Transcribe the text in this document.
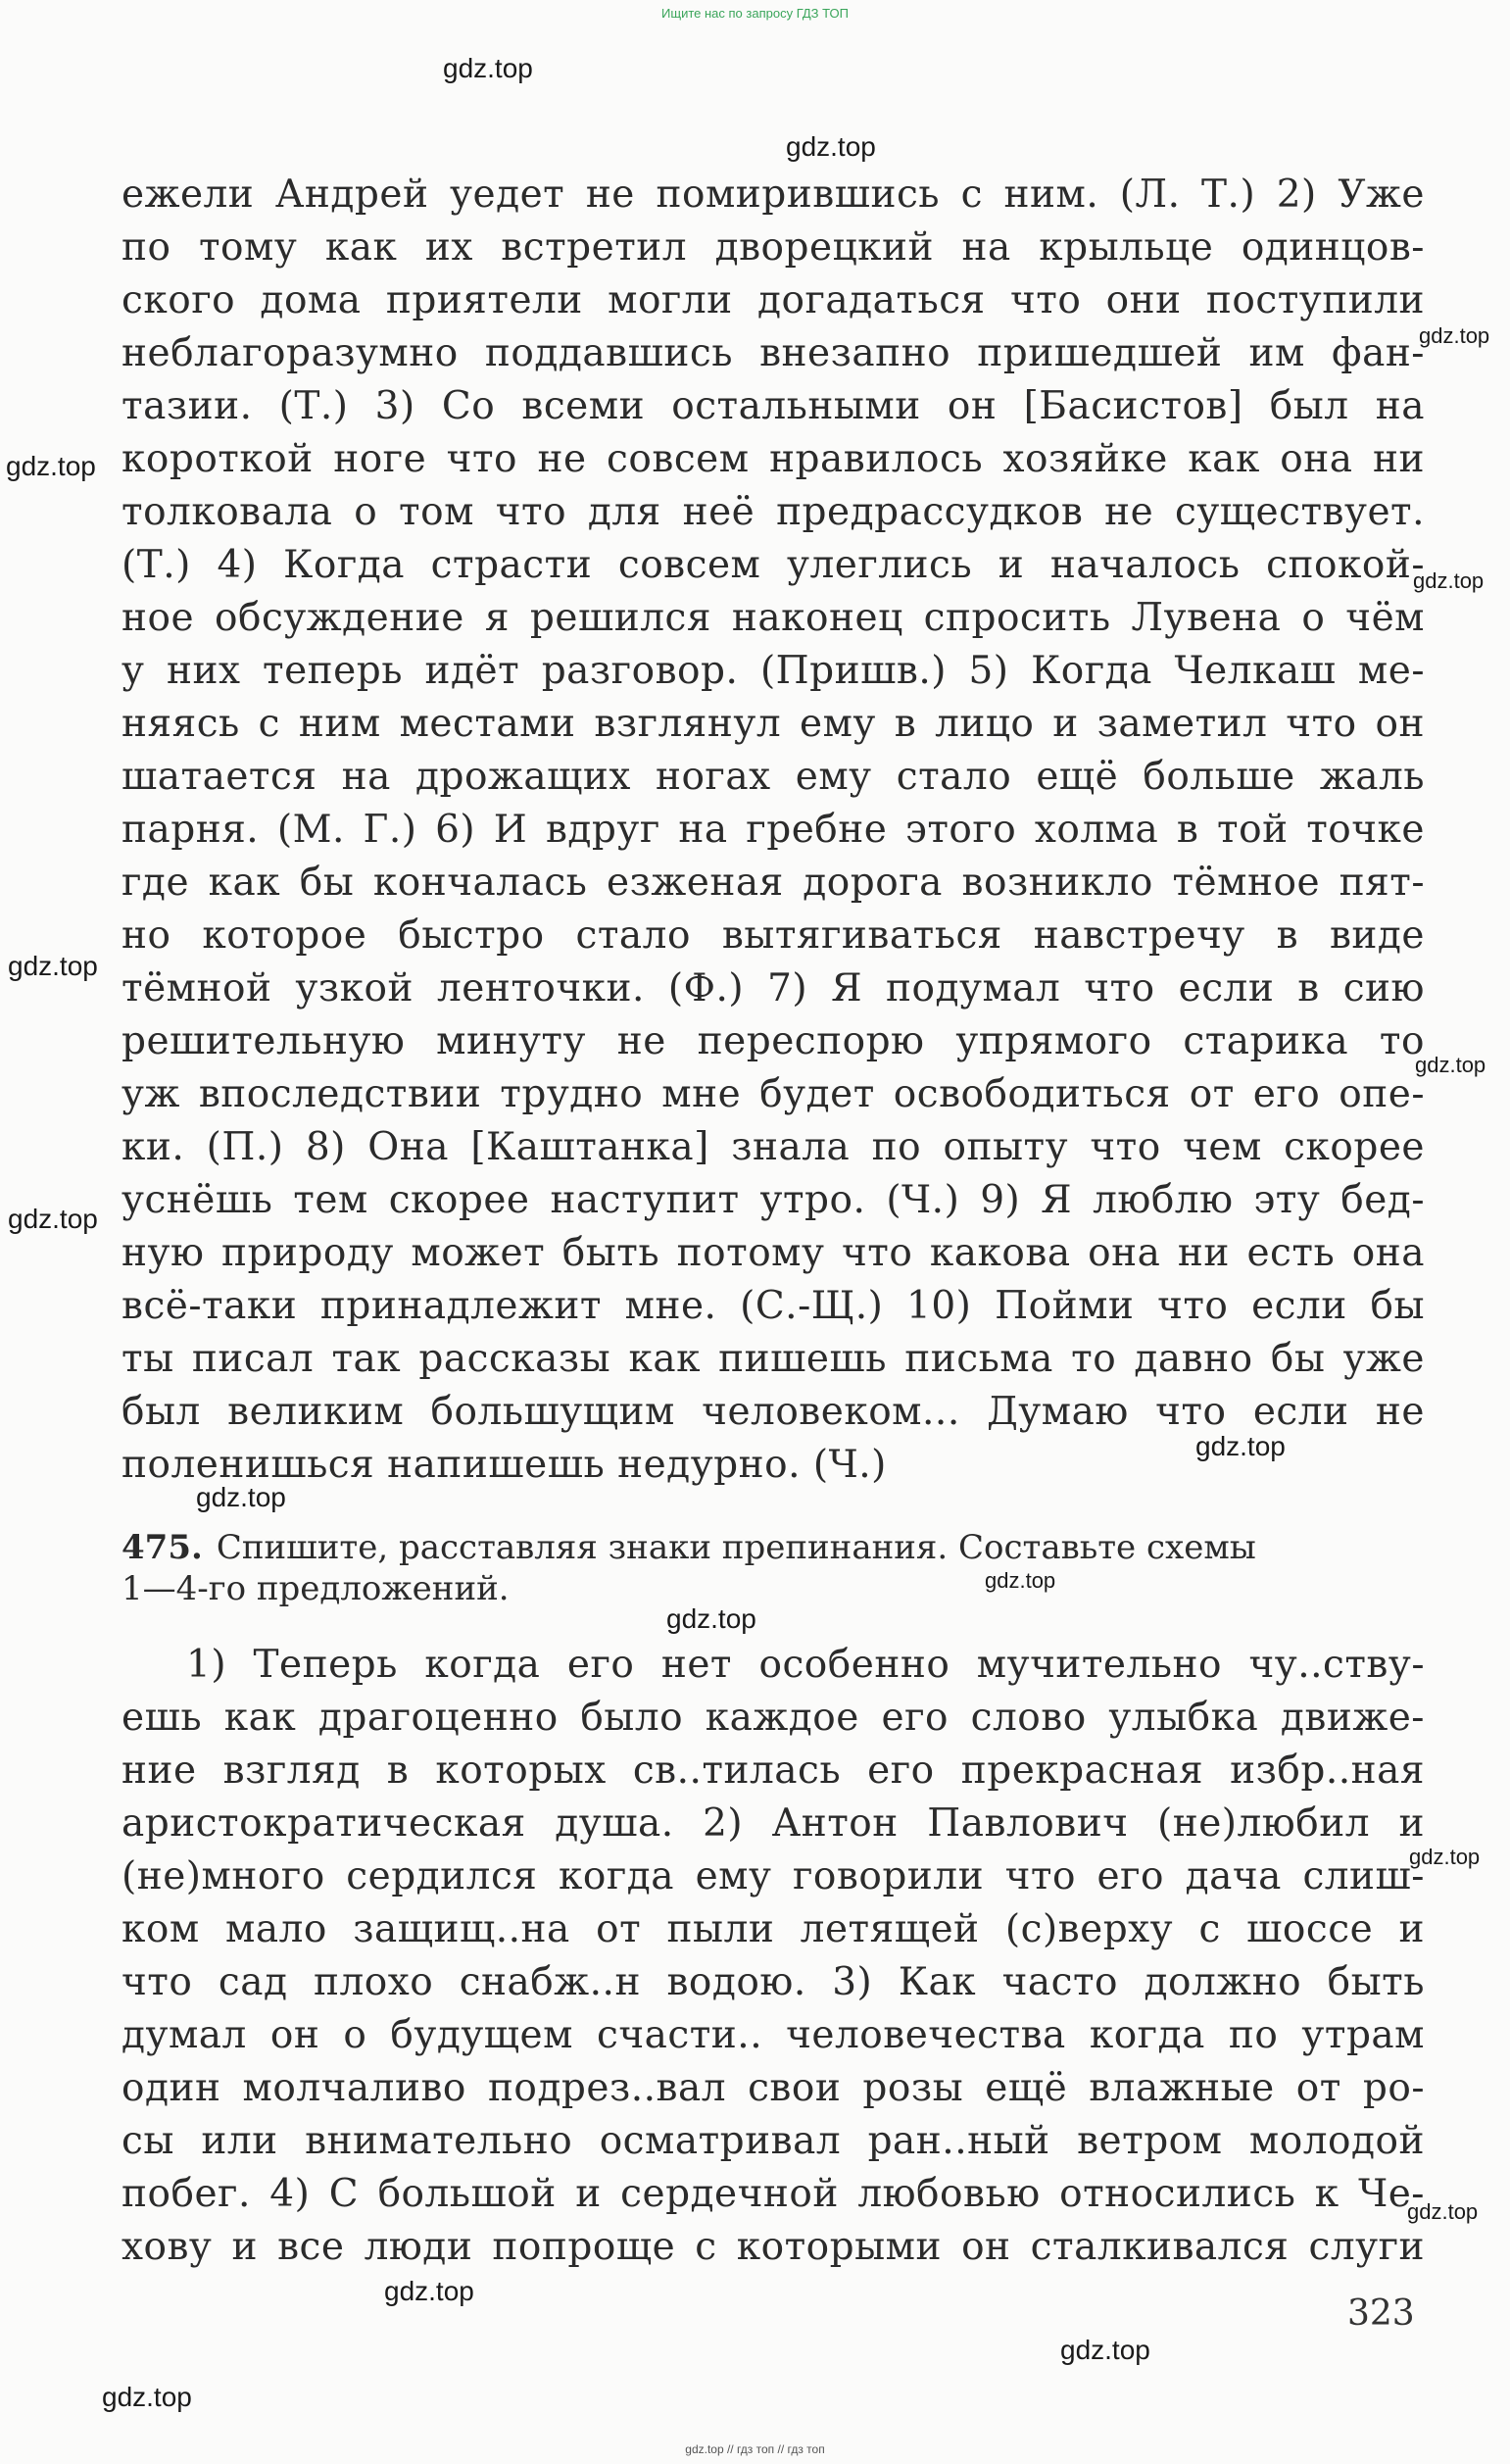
Ищите нас по запросу ГДЗ ТОП
gdz.top
gdz.top
gdz.top
gdz.top
gdz.top
gdz.top
gdz.top
gdz.top
gdz.top
gdz.top
gdz.top
gdz.top
gdz.top
gdz.top
gdz.top
gdz.top
gdz.top
ежели Андрей уедет не помирившись с ним. (Л. Т.) 2) Уже
по тому как их встретил дворецкий на крыльце одинцов-
ского дома приятели могли догадаться что они поступили
неблагоразумно поддавшись внезапно пришедшей им фан-
тазии. (Т.) 3) Со всеми остальными он [Басистов] был на
короткой ноге что не совсем нравилось хозяйке как она ни
толковала о том что для неё предрассудков не существует.
(Т.) 4) Когда страсти совсем улеглись и началось спокой-
ное обсуждение я решился наконец спросить Лувена о чём
у них теперь идёт разговор. (Пришв.) 5) Когда Челкаш ме-
няясь с ним местами взглянул ему в лицо и заметил что он
шатается на дрожащих ногах ему стало ещё больше жаль
парня. (М. Г.) 6) И вдруг на гребне этого холма в той точке
где как бы кончалась езженая дорога возникло тёмное пят-
но которое быстро стало вытягиваться навстречу в виде
тёмной узкой ленточки. (Ф.) 7) Я подумал что если в сию
решительную минуту не переспорю упрямого старика то
уж впоследствии трудно мне будет освободиться от его опе-
ки. (П.) 8) Она [Каштанка] знала по опыту что чем скорее
уснёшь тем скорее наступит утро. (Ч.) 9) Я люблю эту бед-
ную природу может быть потому что какова она ни есть она
всё-таки принадлежит мне. (С.-Щ.) 10) Пойми что если бы
ты писал так рассказы как пишешь письма то давно бы уже
был великим большущим человеком... Думаю что если не
поленишься напишешь недурно. (Ч.)
475. Спишите, расставляя знаки препинания. Составьте схемы
1—4-го предложений.
1) Теперь когда его нет особенно мучительно чу..ству-
ешь как драгоценно было каждое его слово улыбка движе-
ние взгляд в которых св..тилась его прекрасная избр..ная
аристократическая душа. 2) Антон Павлович (не)любил и
(не)много сердился когда ему говорили что его дача слиш-
ком мало защищ..на от пыли летящей (с)верху с шоссе и
что сад плохо снабж..н водою. 3) Как часто должно быть
думал он о будущем счасти.. человечества когда по утрам
один молчаливо подрез..вал свои розы ещё влажные от ро-
сы или внимательно осматривал ран..ный ветром молодой
побег. 4) С большой и сердечной любовью относились к Че-
хову и все люди попроще с которыми он сталкивался слуги
323
gdz.top // гдз топ // гдз топ
